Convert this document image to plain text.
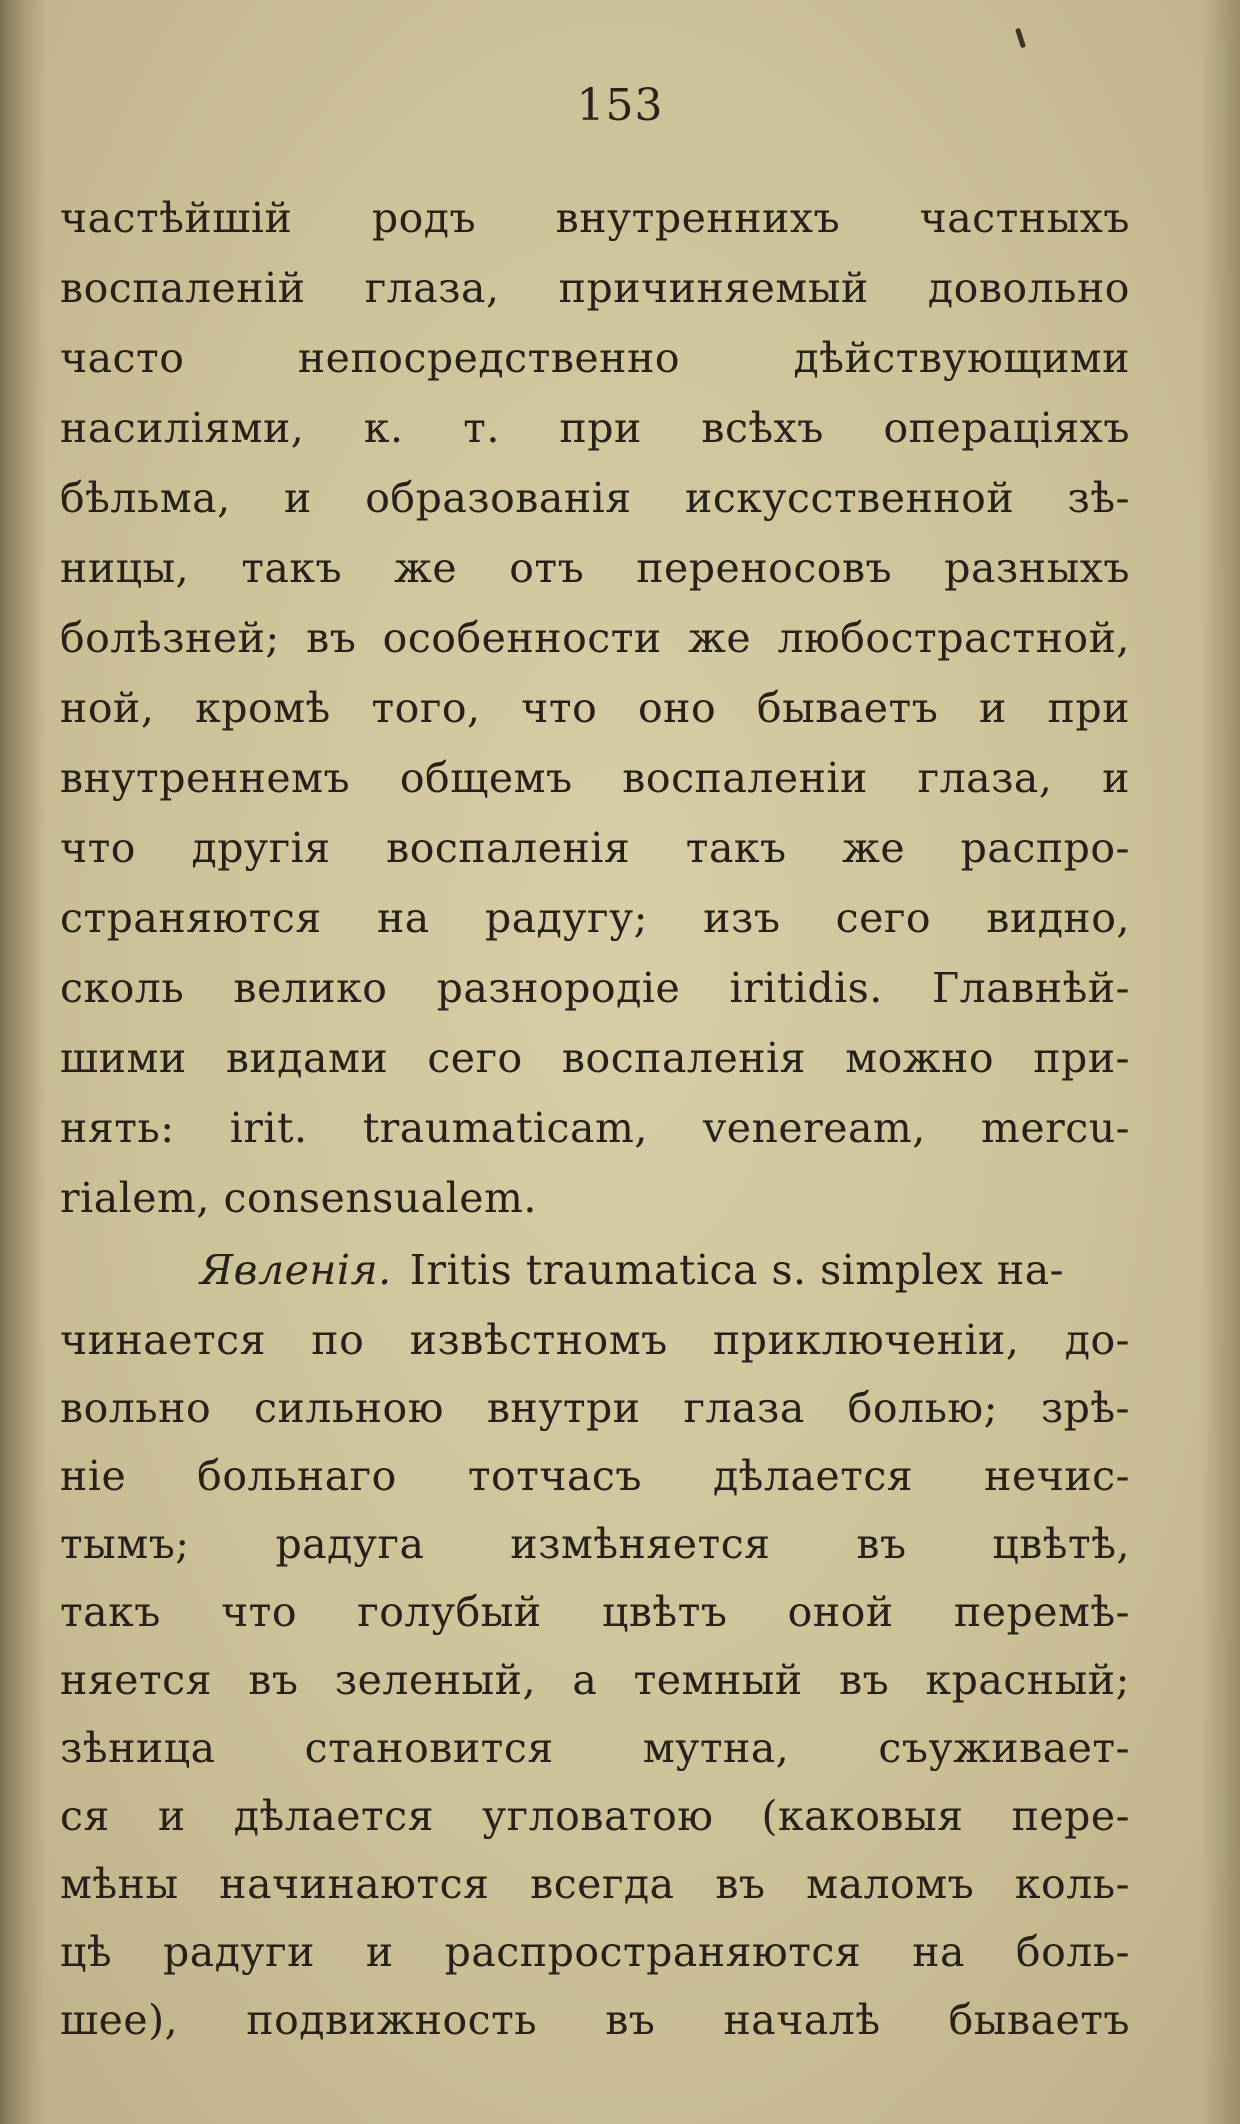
153
частѣйшій родъ внутреннихъ частныхъ
воспаленій глаза, причиняемый довольно
часто	непосредственно	дѣйствующими
насиліями, к. т. при всѣхъ операціяхъ
бѣльма, и образованія искусственной зѣ-
ницы, такъ же отъ переносовъ разныхъ
болѣзней; въ особенности же любострастной,
ной, кромѣ того, что оно бываетъ и при
внутреннемъ общемъ воспаленіи глаза, и
что другія воспаленія такъ же распро-
страняются на радугу; изъ сего видно,
сколь велико разнородіе iritidis. Главнѣй-
шими видами сего воспаленія можно при-
нять: irit. traumaticam, veneream, mercu-
rialem, consensualem.
Явленія. Iritis traumatica s. simplex на-
чинается по извѣстномъ приключеніи, до-
вольно сильною внутри глаза болью; зрѣ-
ніе больнаго тотчасъ дѣлается нечис-
тымъ; радуга измѣняется въ цвѣтѣ,
такъ что голубый цвѣтъ оной перемѣ-
няется въ зеленый, а темный въ красный;
зѣница становится мутна, съуживает-
ся и дѣлается угловатою (каковыя пере-
мѣны начинаются всегда въ маломъ коль-
цѣ радуги и распространяются на боль-
шее), подвижность въ началѣ бываетъ
